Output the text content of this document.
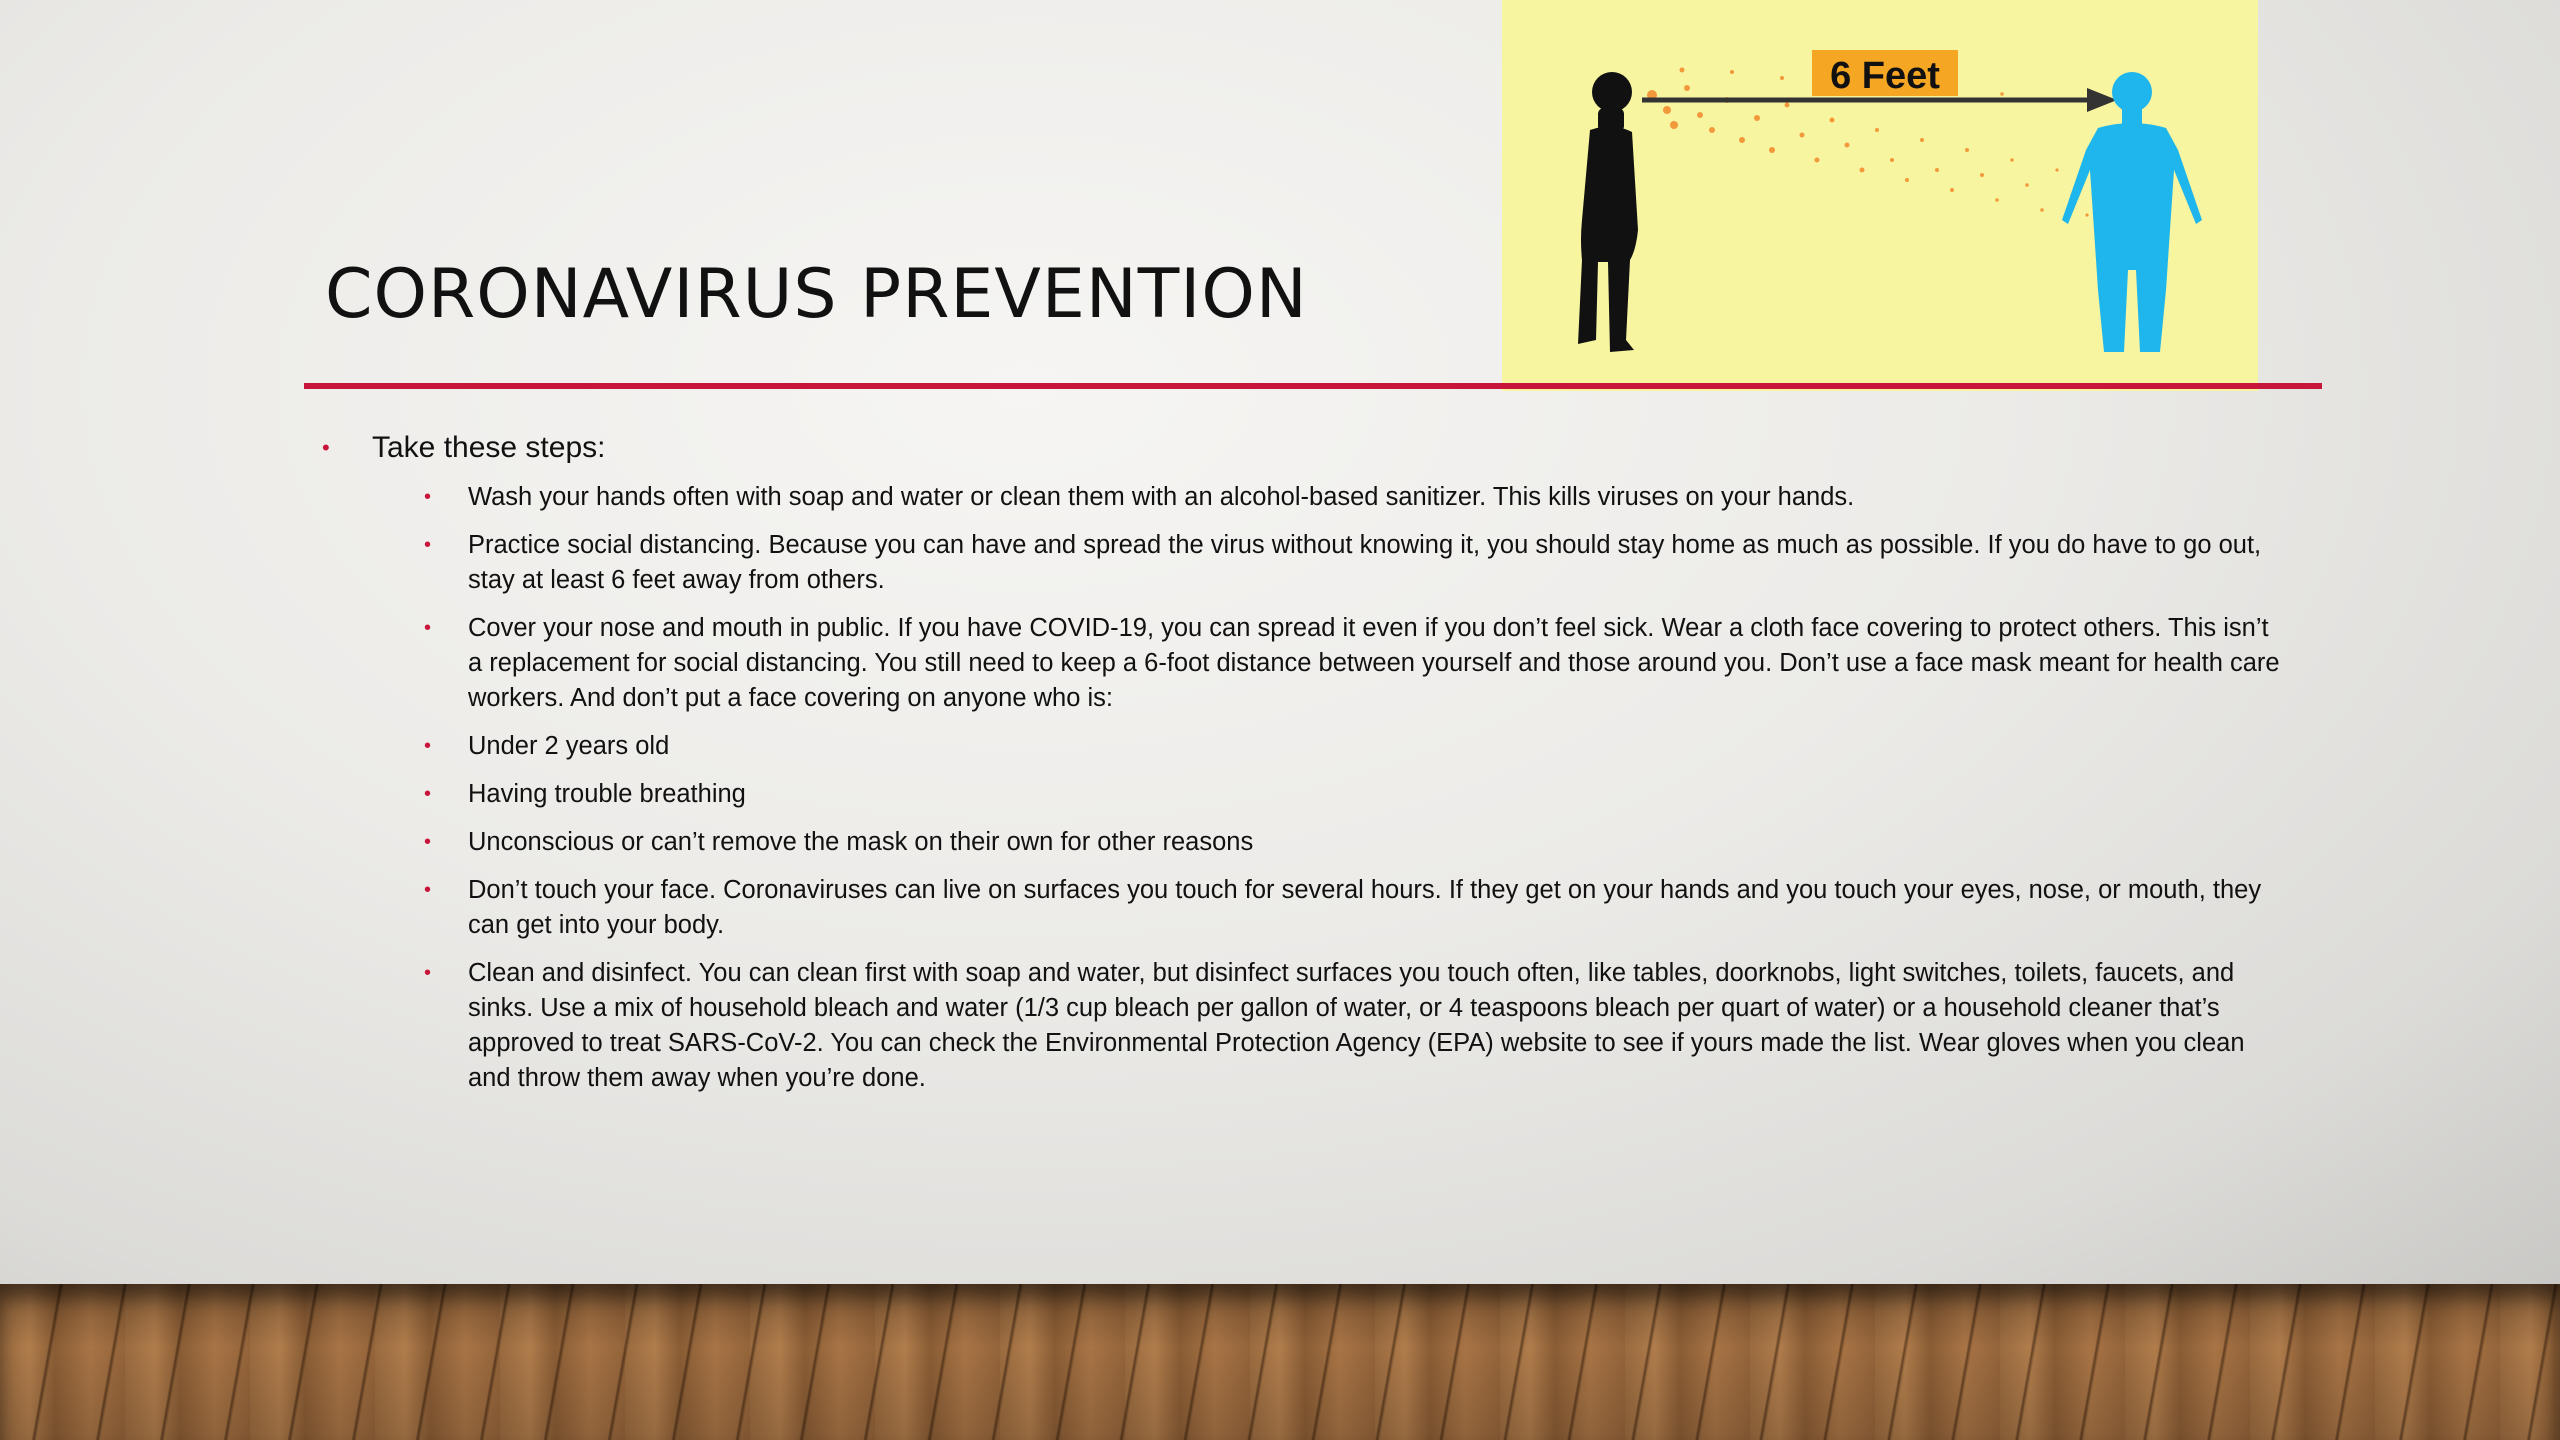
CORONAVIRUS PREVENTION
6 Feet
• Take these steps:
• Wash your hands often with soap and water or clean them with an alcohol-based sanitizer. This kills viruses on your hands.
• Practice social distancing. Because you can have and spread the virus without knowing it, you should stay home as much as possible. If you do have to go out, stay at least 6 feet away from others.
• Cover your nose and mouth in public. If you have COVID-19, you can spread it even if you don’t feel sick. Wear a cloth face covering to protect others. This isn’t a replacement for social distancing. You still need to keep a 6-foot distance between yourself and those around you. Don’t use a face mask meant for health care workers. And don’t put a face covering on anyone who is:
• Under 2 years old
• Having trouble breathing
• Unconscious or can’t remove the mask on their own for other reasons
• Don’t touch your face. Coronaviruses can live on surfaces you touch for several hours. If they get on your hands and you touch your eyes, nose, or mouth, they can get into your body.
• Clean and disinfect. You can clean first with soap and water, but disinfect surfaces you touch often, like tables, doorknobs, light switches, toilets, faucets, and sinks. Use a mix of household bleach and water (1/3 cup bleach per gallon of water, or 4 teaspoons bleach per quart of water) or a household cleaner that’s approved to treat SARS-CoV-2. You can check the Environmental Protection Agency (EPA) website to see if yours made the list. Wear gloves when you clean and throw them away when you’re done.
